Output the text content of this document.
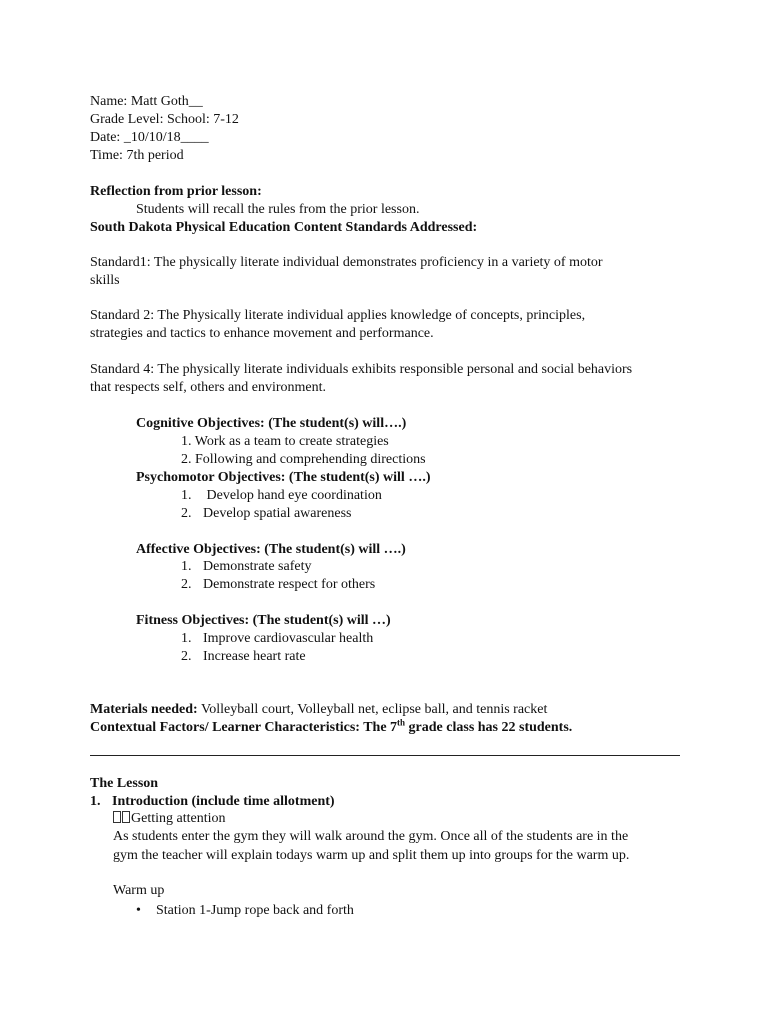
Name: Matt Goth__
Grade Level: School: 7-12
Date: _10/10/18____
Time: 7th period
Reflection from prior lesson:
Students will recall the rules from the prior lesson.
South Dakota Physical Education Content Standards Addressed:
Standard1: The physically literate individual demonstrates proficiency in a variety of motor
skills
Standard 2: The Physically literate individual applies knowledge of concepts, principles,
strategies and tactics to enhance movement and performance.
Standard 4: The physically literate individuals exhibits responsible personal and social behaviors
that respects self, others and environment.
Cognitive Objectives: (The student(s) will….)
1. Work as a team to create strategies
2. Following and comprehending directions
Psychomotor Objectives: (The student(s) will ….)
1. Develop hand eye coordination
2. Develop spatial awareness
Affective Objectives: (The student(s) will ….)
1. Demonstrate safety
2. Demonstrate respect for others
Fitness Objectives: (The student(s) will …)
1. Improve cardiovascular health
2. Increase heart rate
Materials needed: Volleyball court, Volleyball net, eclipse ball, and tennis racket
Contextual Factors/ Learner Characteristics: The 7th grade class has 22 students.
The Lesson
1. Introduction (include time allotment)
Getting attention
As students enter the gym they will walk around the gym. Once all of the students are in the
gym the teacher will explain todays warm up and split them up into groups for the warm up.
Warm up
• Station 1-Jump rope back and forth
